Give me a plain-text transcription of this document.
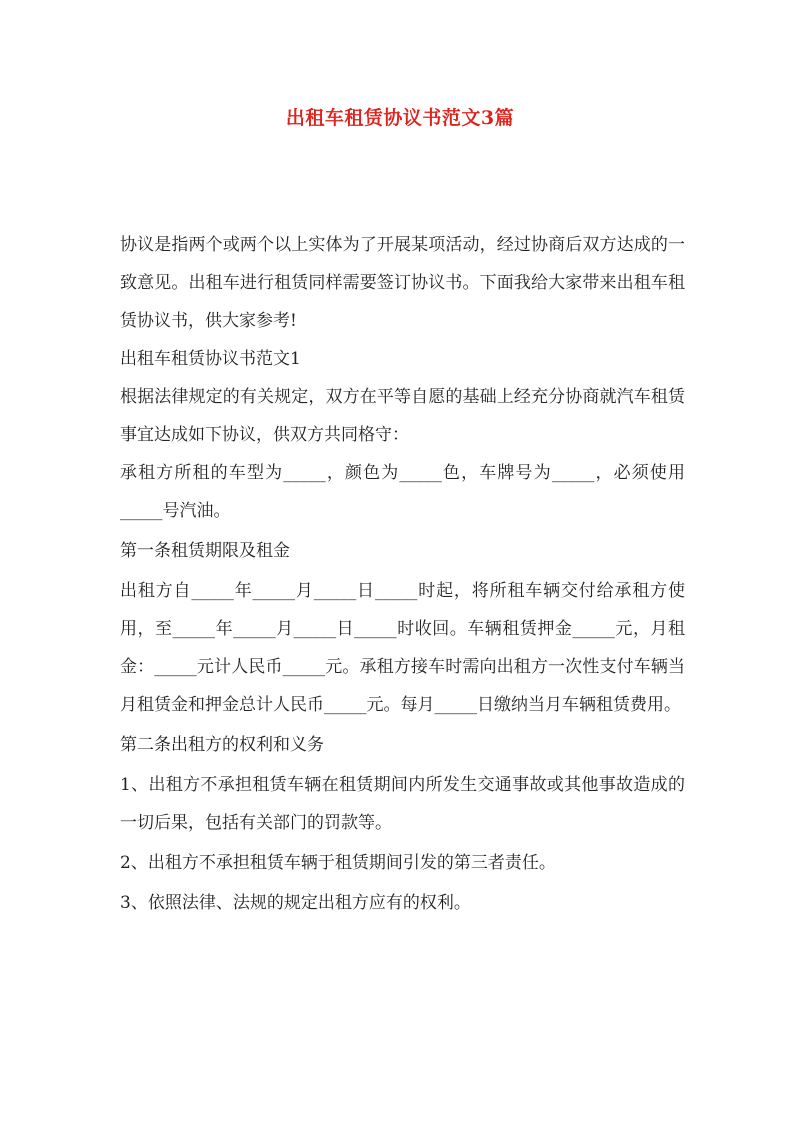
出租车租赁协议书范文3篇

协议是指两个或两个以上实体为了开展某项活动，经过协商后双方达成的一致意见。出租车进行租赁同样需要签订协议书。下面我给大家带来出租车租赁协议书，供大家参考!

出租车租赁协议书范文1

根据法律规定的有关规定，双方在平等自愿的基础上经充分协商就汽车租赁事宜达成如下协议，供双方共同格守：

承租方所租的车型为_____，颜色为_____色，车牌号为_____，必须使用_____号汽油。

第一条租赁期限及租金

出租方自_____年_____月_____日_____时起，将所租车辆交付给承租方使用，至_____年_____月_____日_____时收回。车辆租赁押金_____元，月租金：_____元计人民币_____元。承租方接车时需向出租方一次性支付车辆当月租赁金和押金总计人民币_____元。每月_____日缴纳当月车辆租赁费用。

第二条出租方的权利和义务

1、出租方不承担租赁车辆在租赁期间内所发生交通事故或其他事故造成的一切后果，包括有关部门的罚款等。

2、出租方不承担租赁车辆于租赁期间引发的第三者责任。

3、依照法律、法规的规定出租方应有的权利。
